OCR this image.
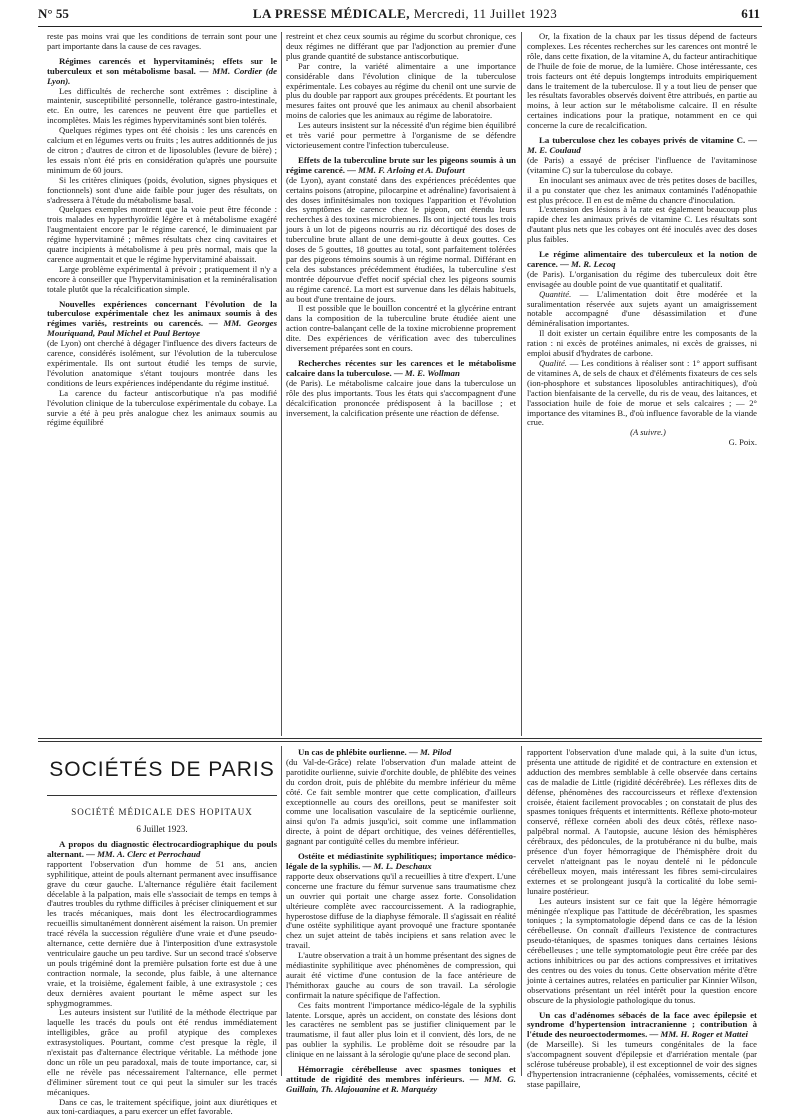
N° 55	LA PRESSE MÉDICALE, Mercredi, 11 Juillet 1923	611

reste pas moins vrai que les conditions de terrain sont pour une part importante dans la cause de ces ravages.

Régimes carencés et hypervitaminés; effets sur le tuberculeux et son métabolisme basal. — MM. Cordier (de Lyon).

Les difficultés de recherche sont extrêmes : discipline à maintenir, susceptibilité personnelle, tolérance gastro-intestinale, etc. En outre, les carences ne peuvent être que partielles et incomplètes. Mais les régimes hypervitaminés sont bien tolérés.

Quelques régimes types ont été choisis : les uns carencés en calcium et en légumes verts ou fruits ; les autres additionnés de jus de citron ; d'autres de citron et de liposolubles (levure de bière) ; les essais n'ont été pris en considération qu'après une poursuite minimum de 60 jours.

Si les critères cliniques (poids, évolution, signes physiques et fonctionnels) sont d'une aide faible pour juger des résultats, on s'adressera à l'étude du métabolisme basal.

Quelques exemples montrent que la voie peut être féconde : trois malades en hyperthyroïdie légère et à métabolisme exagéré l'augmentaient encore par le régime carencé, le diminuaient par régime hypervitaminé ; mêmes résultats chez cinq cavitaires et quatre incipients à métabolisme à peu près normal, mais que la carence augmentait et que le régime hypervitaminé abaissait.

Large problème expérimental à prévoir ; pratiquement il n'y a encore à conseiller que l'hypervitaminisation et la reminéralisation totale plutôt que la récalcification simple.

Nouvelles expériences concernant l'évolution de la tuberculose expérimentale chez les animaux soumis à des régimes variés, restreints ou carencés. — MM. Georges Mouriquand, Paul Michel et Paul Bertoye

(de Lyon) ont cherché à dégager l'influence des divers facteurs de carence, considérés isolément, sur l'évolution de la tuberculose expérimentale. Ils ont surtout étudié les temps de survie, l'évolution anatomique s'étant toujours montrée dans les conditions de leurs expériences indépendante du régime institué.

La carence du facteur antiscorbutique n'a pas modifié l'évolution clinique de la tuberculose expérimentale du cobaye. La survie a été à peu près analogue chez les animaux soumis au régime équilibré

restreint et chez ceux soumis au régime du scorbut chronique, ces deux régimes ne différant que par l'adjonction au premier d'une plus grande quantité de substance antiscorbutique.

Par contre, la variété alimentaire a une importance considérable dans l'évolution clinique de la tuberculose expérimentale. Les cobayes au régime du chenil ont une survie de plus du double par rapport aux groupes précédents. Et pourtant les mesures faites ont prouvé que les animaux au chenil absorbaient moins de calories que les animaux au régime de laboratoire.

Les auteurs insistent sur la nécessité d'un régime bien équilibré et très varié pour permettre à l'organisme de se défendre victorieusement contre l'infection tuberculeuse.

Effets de la tuberculine brute sur les pigeons soumis à un régime carencé. — MM. F. Arloing et A. Dufourt

(de Lyon), ayant constaté dans des expériences précédentes que certains poisons (atropine, pilocarpine et adrénaline) favorisaient à des doses infinitésimales non toxiques l'apparition et l'évolution des symptômes de carence chez le pigeon, ont étendu leurs recherches à des toxines microbiennes. Ils ont injecté tous les trois jours à un lot de pigeons nourris au riz décortiqué des doses de tuberculine brute allant de une demi-goutte à deux gouttes. Ces doses de 5 gouttes, 18 gouttes au total, sont parfaitement tolérées par des pigeons témoins soumis à un régime normal. Différant en cela des substances précédemment étudiées, la tuberculine s'est montrée dépourvue d'effet nocif spécial chez les pigeons soumis au régime carencé. La mort est survenue dans les délais habituels, au bout d'une trentaine de jours.

Il est possible que le bouillon concentré et la glycérine entrant dans la composition de la tuberculine brute étudiée aient une action contre-balançant celle de la toxine microbienne proprement dite. Des expériences de vérification avec des tuberculines diversement préparées sont en cours.

Recherches récentes sur les carences et le métabolisme calcaire dans la tuberculose. — M. E. Wollman

(de Paris). Le métabolisme calcaire joue dans la tuberculose un rôle des plus importants. Tous les états qui s'accompagnent d'une décalcification prononcée prédisposent à la bacillose ; et inversement, la calcification présente une réaction de défense.

Or, la fixation de la chaux par les tissus dépend de facteurs complexes. Les récentes recherches sur les carences ont montré le rôle, dans cette fixation, de la vitamine A, du facteur antirachitique de l'huile de foie de morue, de la lumière. Chose intéressante, ces trois facteurs ont été depuis longtemps introduits empiriquement dans le traitement de la tuberculose. Il y a tout lieu de penser que les résultats favorables observés doivent être attribués, en partie au moins, à leur action sur le métabolisme calcaire. Il en résulte certaines indications pour la pratique, notamment en ce qui concerne la cure de recalcification.

La tuberculose chez les cobayes privés de vitamine C. — M. E. Coulaud

(de Paris) a essayé de préciser l'influence de l'avitaminose (vitamine C) sur la tuberculose du cobaye.

En inoculant ses animaux avec de très petites doses de bacilles, il a pu constater que chez les animaux contaminés l'adénopathie est plus précoce. Il en est de même du chancre d'inoculation.

L'extension des lésions à la rate est également beaucoup plus rapide chez les animaux privés de vitamine C. Les résultats sont d'autant plus nets que les cobayes ont été inoculés avec des doses plus faibles.

Le régime alimentaire des tuberculeux et la notion de carence. — M. R. Lecoq

(de Paris). L'organisation du régime des tuberculeux doit être envisagée au double point de vue quantitatif et qualitatif.

Quantité. — L'alimentation doit être modérée et la suralimentation réservée aux sujets ayant un amaigrissement notable accompagné d'une désassimilation et d'une déminéralisation importantes.

Il doit exister un certain équilibre entre les composants de la ration : ni excès de protéines animales, ni excès de graisses, ni emploi abusif d'hydrates de carbone.

Qualité. — Les conditions à réaliser sont : 1° apport suffisant de vitamines A, de sels de chaux et d'éléments fixateurs de ces sels (ion-phosphore et substances liposolubles antirachitiques), d'où l'action bienfaisante de la cervelle, du ris de veau, des laitances, et l'association huile de foie de morue et sels calcaires ; — 2° importance des vitamines B., d'où influence favorable de la viande crue.

(A suivre.)

G. Poix.

SOCIÉTÉS DE PARIS
SOCIÉTÉ MÉDICALE DES HOPITAUX
6 Juillet 1923.
A propos du diagnostic électrocardiographique du pouls alternant. — MM. A. Clerc et Perrochaud

rapportent l'observation d'un homme de 51 ans, ancien syphilitique, atteint de pouls alternant permanent avec insuffisance grave du cœur gauche. L'alternance régulière était facilement décelable à la palpation, mais elle s'associait de temps en temps à d'autres troubles du rythme difficiles à préciser cliniquement et sur les tracés mécaniques, mais dont les électrocardiogrammes recueillis simultanément donnèrent aisément la raison. Un premier tracé révéla la succession régulière d'une vraie et d'une pseudo-alternance, cette dernière due à l'interposition d'une extrasystole ventriculaire gauche un peu tardive. Sur un second tracé s'observe un pouls trigéminé dont la première pulsation forte est due à une contraction normale, la seconde, plus faible, à une alternance vraie, et la troisième, également faible, à une extrasystole ; ces deux dernières avaient pourtant le même aspect sur les sphygmogrammes.

Les auteurs insistent sur l'utilité de la méthode électrique par laquelle les tracés du pouls ont été rendus immédiatement intelligibles, grâce au profil atypique des complexes extrasystoliques. Pourtant, comme c'est presque la règle, il n'existait pas d'alternance électrique véritable. La méthode jone donc un rôle un peu paradoxal, mais de toute importance, car, si elle ne révèle pas nécessairement l'alternance, elle permet d'éliminer sûrement tout ce qui peut la simuler sur les tracés mécaniques.

Dans ce cas, le traitement spécifique, joint aux diurétiques et aux toni-cardiaques, a paru exercer un effet favorable.

Un cas de phlébite ourlienne. — M. Pilod

(du Val-de-Grâce) relate l'observation d'un malade atteint de parotidite ourlienne, suivie d'orchite double, de phlébite des veines du cordon droit, puis de phlébite du membre inférieur du même côté. Ce fait semble montrer que cette complication, d'ailleurs exceptionnelle au cours des oreillons, peut se manifester soit comme une localisation vasculaire de la septicémie ourlienne, ainsi qu'on l'a admis jusqu'ici, soit comme une inflammation directe, à point de départ orchitique, des veines déférentielles, gagnant par contiguïté celles du membre inférieur.

Ostéite et médiastinite syphilitiques; importance médico-légale de la syphilis. — M. L. Deschaux

rapporte deux observations qu'il a recueillies à titre d'expert. L'une concerne une fracture du fémur survenue sans traumatisme chez un ouvrier qui portait une charge assez forte. Consolidation ultérieure complète avec raccourcissement. A la radiographie, hyperostose diffuse de la diaphyse fémorale. Il s'agissait en réalité d'une ostéite syphilitique ayant provoqué une fracture spontanée chez un sujet atteint de tabès incipiens et sans relation avec le travail.

L'autre observation a trait à un homme présentant des signes de médiastinite syphilitique avec phénomènes de compression, qui aurait été victime d'une contusion de la face antérieure de l'hémithorax gauche au cours de son travail. La sérologie confirmait la nature spécifique de l'affection.

Ces faits montrent l'importance médico-légale de la syphilis latente. Lorsque, après un accident, on constate des lésions dont les caractères ne semblent pas se justifier cliniquement par le traumatisme, il faut aller plus loin et il convient, dès lors, de ne pas oublier la syphilis. Le problème doit se résoudre par la clinique en ne laissant à la sérologie qu'une place de second plan.

Hémorragie cérébelleuse avec spasmes toniques et attitude de rigidité des membres inférieurs. — MM. G. Guillain, Th. Alajouanine et R. Marquézy

rapportent l'observation d'une malade qui, à la suite d'un ictus, présenta une attitude de rigidité et de contracture en extension et adduction des membres semblable à celle observée dans certains cas de maladie de Little (rigidité décérébrée). Les réflexes dits de défense, phénomènes des raccourcisseurs et réflexe d'extension croisée, étaient facilement provocables ; on constatait de plus des spasmes toniques fréquents et intermittents. Réflexe photo-moteur conservé, réflexe cornéen aboli des deux côtés, réflexe naso-palpébral normal. A l'autopsie, aucune lésion des hémisphères cérébraux, des pédoncules, de la protubérance ni du bulbe, mais présence d'un foyer hémorragique de l'hémisphère droit du cervelet n'atteignant pas le noyau dentelé ni le pédoncule cérébelleux moyen, mais intéressant les fibres semi-circulaires externes et se prolongeant jusqu'à la corticalité du lobe semi-lunaire postérieur.

Les auteurs insistent sur ce fait que la légère hémorragie méningée n'explique pas l'attitude de décérébration, les spasmes toniques ; la symptomatologie dépend dans ce cas de la lésion cérébelleuse. On connaît d'ailleurs l'existence de contractures pseudo-tétaniques, de spasmes toniques dans certaines lésions cérébelleuses ; une telle symptomatologie peut être créée par des actions inhibitrices ou par des actions compressives et irritatives des centres ou des voies du tonus. Cette observation mérite d'être jointe à certaines autres, relatées en particulier par Kinnier Wilson, observations présentant un réel intérêt pour la question encore obscure de la physiologie pathologique du tonus.

Un cas d'adénomes sébacés de la face avec épilepsie et syndrome d'hypertension intracranienne ; contribution à l'étude des neuroectodermomes. — MM. H. Roger et Mattei

(de Marseille). Si les tumeurs congénitales de la face s'accompagnent souvent d'épilepsie et d'arriération mentale (par sclérose tubéreuse probable), il est exceptionnel de voir des signes d'hypertension intracranienne (céphalées, vomissements, cécité et stase papillaire,
